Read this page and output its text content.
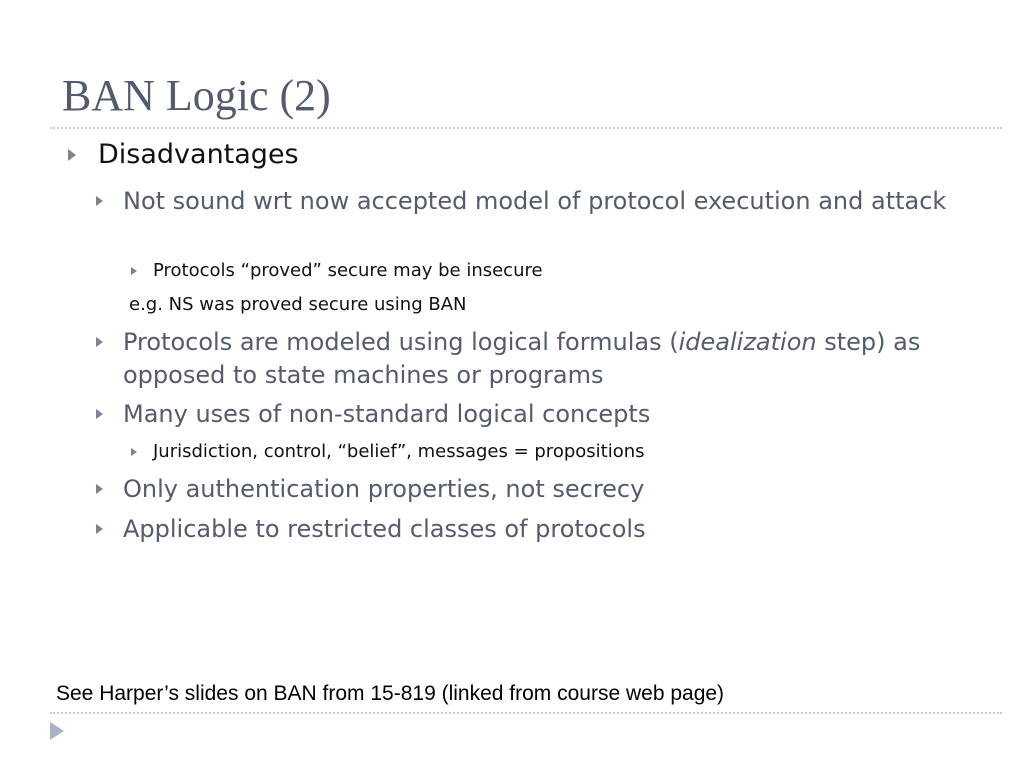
BAN Logic (2)
Disadvantages
Not sound wrt now accepted model of protocol execution and attack
Protocols “proved” secure may be insecure
e.g. NS was proved secure using BAN
Protocols are modeled using logical formulas (idealization step) as opposed to state machines or programs
Many uses of non-standard logical concepts
Jurisdiction, control, “belief”, messages = propositions
Only authentication properties, not secrecy
Applicable to restricted classes of protocols
See Harper’s slides on BAN from 15-819 (linked from course web page)
